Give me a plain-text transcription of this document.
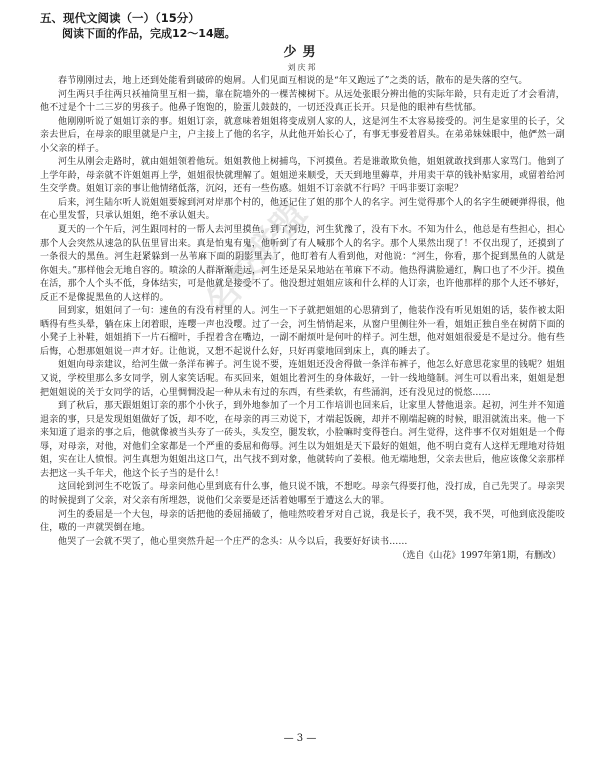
五、现代文阅读（一）（15分）

阅读下面的作品，完成12～14题。

少男

刘庆邦

春节刚刚过去，地上还到处能看到破碎的炮屑。人们见面互相说的是“年又跑远了”之类的话，散布的是失落的空气。

河生两只手往两只袄袖筒里互相一揣，靠在院墙外的一棵苦楝树下。从远处张眼分辨出他的实际年龄，只有走近了才会看清，他不过是个十二三岁的男孩子。他鼻子饱饱的，脸蛋儿鼓鼓的，一切还没真正长开。只是他的眼神有些忧郁。

他刚刚听说了姐姐订亲的事。姐姐订亲，就意味着姐姐将变成别人家的人，这是河生不太容易接受的。河生是家里的长子，父亲去世后，在母亲的眼里就是户主，户主接上了他的名字，从此他开始长心了，有事无事爱着眉头。在弟弟妹妹眼中，他俨然一副小父亲的样子。

河生从刚会走路时，就由姐姐领着他玩。姐姐教他上树捕鸟，下河摸鱼。若是谁敢欺负他，姐姐就敢找到那人家骂门。他到了上学年龄，母亲就不许姐姐再上学，姐姐很快就理解了。姐姐逆来顺受，天天到地里薅草，并用卖干草的钱补贴家用，或留着给河生交学费。姐姐订亲的事让他情绪低落，沉闷，还有一些伤感。姐姐不订亲就不行吗？干吗非要订亲呢？

后来，河生陆尔听人说姐姐要嫁到河对岸那个村的，他还记住了姐的那个人的名字。河生觉得那个人的名字生硬硬弹得很，他在心里发誓，只承认姐姐，绝不承认姐夫。

夏天的一个午后，河生跟同村的一帮人去河里摸鱼。到了河边，河生犹豫了，没有下水。不知为什么，他总是有些担心，担心那个人会突然从速急的队伍里冒出来。真是怕鬼有鬼，他听到了有人喊那个人的名字。那个人果然出现了！不仅出现了，还摸到了一条很大的黑鱼。河生赶紧躲到一丛苇麻下面的阴影里去了，他盯着有人看到他，对他说：“河生，你看，那个捉到黑鱼的人就是你姐夫。”那样他会无地自容的。喷涂的人群渐渐走远，河生还是呆呆地站在苇麻下不动。他热得满脸通红，胸口也了不少汗。摸鱼在活，那个人个头不低，身体结实，可是他就是接受不了。他没想过姐姐应该和什么样的人订亲，也许他那样的那个人还不够好，反正不是像捉黑鱼的人这样的。

回到家，姐姐问了一句：速鱼的有没有村里的人。河生一下子就把姐姐的心思猜到了，他装作没有听见姐姐的话，装作被太阳晒得有些头晕，躺在床上闭着眼，连嘤一声也没嘤。过了一会，河生悄悄起来，从窗户里侧往外一看，姐姐正独自坐在树荫下面的小凳子上补鞋，姐姐捎下一片石榴叶，手捏着含在嘴边，一副不耐烦叶是何叶的样子。河生想，他对姐姐很爱是不是过分。他有些后悔，心想那姐姐说一声才好。让他说，又想不起说什么好，只好再蒙地回到床上，真的睡去了。

姐姐向母亲建议，给河生做一条洋布裤子。河生说不要，连姐姐还没舍得做一条洋布裤子，他怎么好意思花家里的钱呢？姐姐又说，学校里那么多女同学，别人家笑话呢。布买回来，姐姐比着河生的身体裁好，一针一线地缝制。河生可以看出来，姐姐是想把姐姐说的关于女同学的话，心里惆惆没起一种从未有过的东西，有些柔软，有些涌润，还有没见过的悦悠……

到了秋后，那天跟姐姐订亲的那个小伙子，到外地参加了一个月工作培训也回来后，让家里人替他退亲。起初，河生并不知道退亲的事，只是发现姐姐做好了饭，却不吃，在母亲的再三劝说下，才端起饭碗，却并不刚端起碗的时候，眼泪就流出来。他一下来知道了退亲的事之后，他就像被当头夯了一砖头，头发空，腿发软，小脸嘛时变得苍白。河生觉得，这件事不仅对姐姐是一个侮辱，对母亲，对他，对他们全家都是一个严重的委屈和侮辱。河生以为姐姐是天下最好的姐姐，他不明白竟有人这样无理地对待姐姐，实在让人愤恨。河生真想为姐姐出这口气，出气找不到对象，他就转向了姜根。他无端地想，父亲去世后，他应该像父亲那样去把这一头千年犬，他这个长子当的是什么！

这回轮到河生不吃饭了。母亲问他心里到底有什么事，他只说不饿，不想吃。母亲气得要打他，没打成，自己先哭了。母亲哭的时候提到了父亲，对父亲有所埋怨，说他们父亲要是还活着她哪至于遭这么大的罪。

河生的委屈是一个大包，母亲的话把他的委屈捅破了，他哇然咬着牙对自己说，我是长子，我不哭，我不哭，可他到底没能咬住，嗷的一声就哭倒在地。

他哭了一会就不哭了，他心里突然升起一个庄严的念头：从今以后，我要好好读书……

（选自《山花》1997年第1期，有删改）

名校联盟
— 3 —
